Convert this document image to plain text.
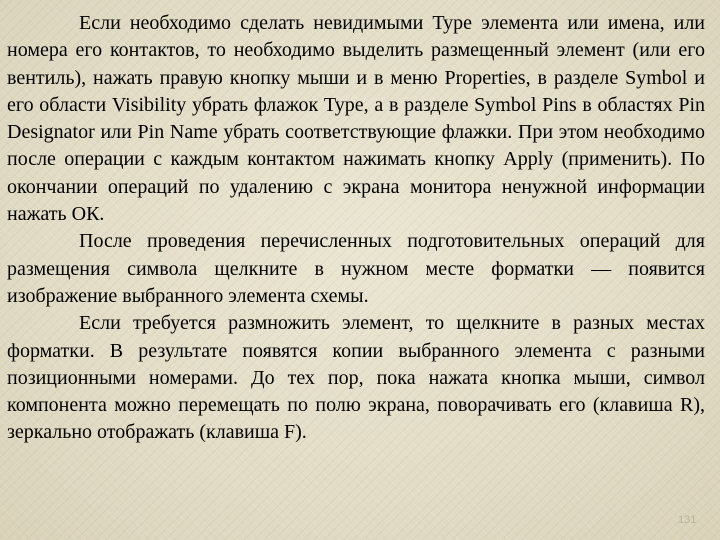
Если необходимо сделать невидимыми Type элемента или имена, или номера его контактов, то необходимо выделить размещенный элемент (или его вентиль), нажать правую кнопку мыши и в меню Properties, в разделе Symbol и его области Visibility убрать флажок Type, а в разделе Symbol Pins в областях Pin Designator или Pin Name убрать соответствующие флажки. При этом необходимо после операции с каждым контактом нажимать кнопку Apply (применить). По окончании операций по удалению с экрана монитора ненужной информации нажать ОК.

После проведения перечисленных подготовительных операций для размещения символа щелкните в нужном месте форматки — появится изображение выбранного элемента схемы.

Если требуется размножить элемент, то щелкните в разных местах форматки. В результате появятся копии выбранного элемента с разными позиционными номерами. До тех пор, пока нажата кнопка мыши, символ компонента можно перемещать по полю экрана, поворачивать его (клавиша R), зеркально отображать (клавиша F).

131
